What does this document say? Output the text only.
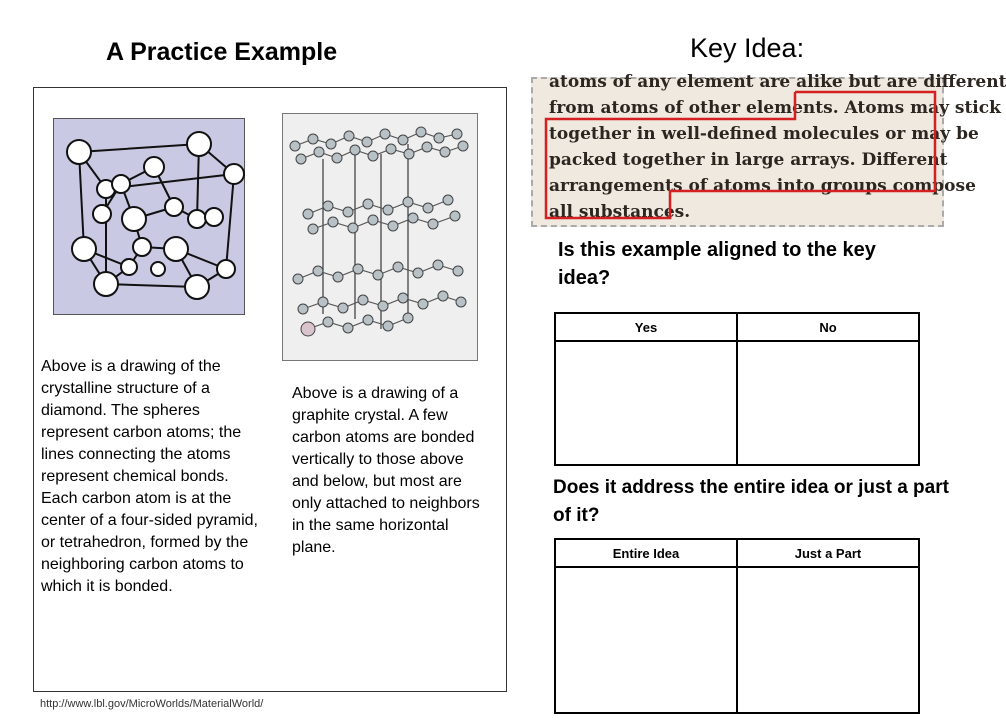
A Practice Example	Key Idea:
Above is a drawing of the crystalline structure of a diamond. The spheres represent carbon atoms; the lines connecting the atoms represent chemical bonds. Each carbon atom is at the center of a four-sided pyramid, or tetrahedron, formed by the neighboring carbon atoms to which it is bonded.
Above is a drawing of a graphite crystal. A few carbon atoms are bonded vertically to those above and below, but most are only attached to neighbors in the same horizontal plane.
http://www.lbl.gov/MicroWorlds/MaterialWorld/
atoms of any element are alike but are different
from atoms of other elements. Atoms may stick
together in well-defined molecules or may be
packed together in large arrays. Different
arrangements of atoms into groups compose
all substances.
Is this example aligned to the key idea?
Yes	No

Does it address the entire idea or just a part of it?
Entire Idea	Just a Part
